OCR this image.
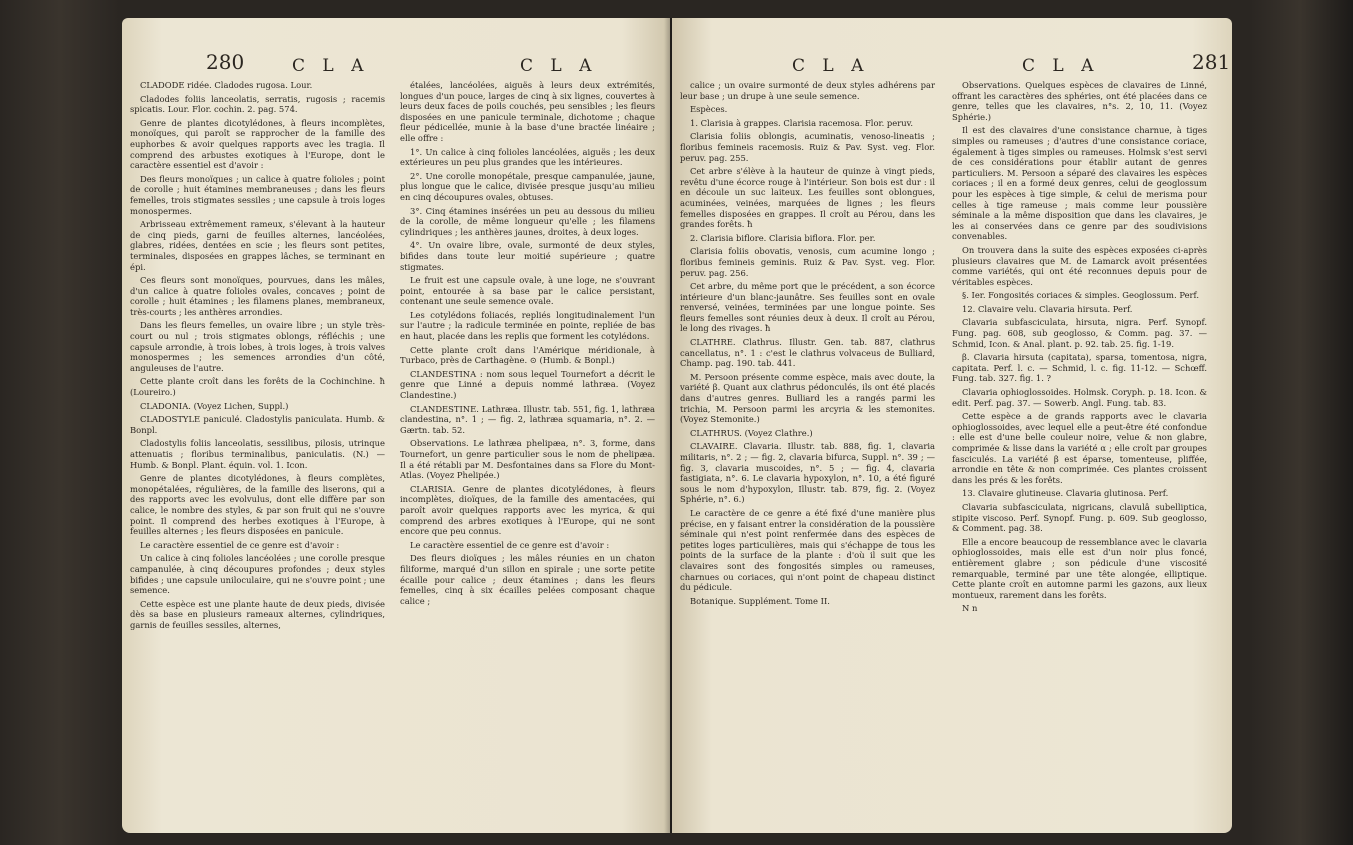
280	C L A	C L A

CLADODE ridée. Cladodes rugosa. Lour.

Cladodes foliis lanceolatis, serratis, rugosis ; racemis spicatis. Lour. Flor. cochin. 2. pag. 574.

Genre de plantes dicotylédones, à fleurs incomplètes, monoïques, qui paroît se rapprocher de la famille des euphorbes & avoir quelques rapports avec les tragia. Il comprend des arbustes exotiques à l'Europe, dont le caractère essentiel est d'avoir :

Des fleurs monoïques ; un calice à quatre folioles ; point de corolle ; huit étamines membraneuses ; dans les fleurs femelles, trois stigmates sessiles ; une capsule à trois loges monospermes.

Arbrisseau extrêmement rameux, s'élevant à la hauteur de cinq pieds, garni de feuilles alternes, lancéolées, glabres, ridées, dentées en scie ; les fleurs sont petites, terminales, disposées en grappes lâches, se terminant en épi.

Ces fleurs sont monoïques, pourvues, dans les mâles, d'un calice à quatre folioles ovales, concaves ; point de corolle ; huit étamines ; les filamens planes, membraneux, très-courts ; les anthères arrondies.

Dans les fleurs femelles, un ovaire libre ; un style très-court ou nul ; trois stigmates oblongs, réfléchis ; une capsule arrondie, à trois lobes, à trois loges, à trois valves monospermes ; les semences arrondies d'un côté, anguleuses de l'autre.

Cette plante croît dans les forêts de la Cochinchine. ħ (Loureiro.)

CLADONIA. (Voyez Lichen, Suppl.)

CLADOSTYLE paniculé. Cladostylis paniculata. Humb. & Bonpl.

Cladostylis foliis lanceolatis, sessilibus, pilosis, utrinque attenuatis ; floribus terminalibus, paniculatis. (N.) — Humb. & Bonpl. Plant. équin. vol. 1. Icon.

Genre de plantes dicotylédones, à fleurs complètes, monopétalées, régulières, de la famille des liserons, qui a des rapports avec les evolvulus, dont elle diffère par son calice, le nombre des styles, & par son fruit qui ne s'ouvre point. Il comprend des herbes exotiques à l'Europe, à feuilles alternes ; les fleurs disposées en panicule.

Le caractère essentiel de ce genre est d'avoir :

Un calice à cinq folioles lancéolées ; une corolle presque campanulée, à cinq découpures profondes ; deux styles bifides ; une capsule uniloculaire, qui ne s'ouvre point ; une semence.

Cette espèce est une plante haute de deux pieds, divisée dès sa base en plusieurs rameaux alternes, cylindriques, garnis de feuilles sessiles, alternes,

étalées, lancéolées, aiguës à leurs deux extrémités, longues d'un pouce, larges de cinq à six lignes, couvertes à leurs deux faces de poils couchés, peu sensibles ; les fleurs disposées en une panicule terminale, dichotome ; chaque fleur pédicellée, munie à la base d'une bractée linéaire ; elle offre :

1°. Un calice à cinq folioles lancéolées, aiguës ; les deux extérieures un peu plus grandes que les intérieures.

2°. Une corolle monopétale, presque campanulée, jaune, plus longue que le calice, divisée presque jusqu'au milieu en cinq découpures ovales, obtuses.

3°. Cinq étamines insérées un peu au dessous du milieu de la corolle, de même longueur qu'elle ; les filamens cylindriques ; les anthères jaunes, droites, à deux loges.

4°. Un ovaire libre, ovale, surmonté de deux styles, bifides dans toute leur moitié supérieure ; quatre stigmates.

Le fruit est une capsule ovale, à une loge, ne s'ouvrant point, entourée à sa base par le calice persistant, contenant une seule semence ovale.

Les cotylédons foliacés, repliés longitudinalement l'un sur l'autre ; la radicule terminée en pointe, repliée de bas en haut, placée dans les replis que forment les cotylédons.

Cette plante croît dans l'Amérique méridionale, à Turbaco, près de Carthagène. ⊙ (Humb. & Bonpl.)

CLANDESTINA : nom sous lequel Tournefort a décrit le genre que Linné a depuis nommé lathræa. (Voyez Clandestine.)

CLANDESTINE. Lathræa. Illustr. tab. 551, fig. 1, lathræa clandestina, n°. 1 ; — fig. 2, lathræa squamaria, n°. 2. — Gærtn. tab. 52.

Observations. Le lathræa phelipæa, n°. 3, forme, dans Tournefort, un genre particulier sous le nom de phelipæa. Il a été rétabli par M. Desfontaines dans sa Flore du Mont-Atlas. (Voyez Phelipée.)

CLARISIA. Genre de plantes dicotylédones, à fleurs incomplètes, dioïques, de la famille des amentacées, qui paroît avoir quelques rapports avec les myrica, & qui comprend des arbres exotiques à l'Europe, qui ne sont encore que peu connus.

Le caractère essentiel de ce genre est d'avoir :

Des fleurs dioïques ; les mâles réunies en un chaton filiforme, marqué d'un sillon en spirale ; une sorte petite écaille pour calice ; deux étamines ; dans les fleurs femelles, cinq à six écailles pelées composant chaque calice ;

C L A	C L A	281

calice ; un ovaire surmonté de deux styles adhérens par leur base ; un drupe à une seule semence.

Espèces.

1. Clarisia à grappes. Clarisia racemosa. Flor. peruv.

Clarisia foliis oblongis, acuminatis, venoso-lineatis ; floribus femineis racemosis. Ruiz & Pav. Syst. veg. Flor. peruv. pag. 255.

Cet arbre s'élève à la hauteur de quinze à vingt pieds, revêtu d'une écorce rouge à l'intérieur. Son bois est dur : il en découle un suc laiteux. Les feuilles sont oblongues, acuminées, veinées, marquées de lignes ; les fleurs femelles disposées en grappes. Il croît au Pérou, dans les grandes forêts. ħ

2. Clarisia biflore. Clarisia biflora. Flor. per.

Clarisia foliis obovatis, venosis, cum acumine longo ; floribus femineis geminis. Ruiz & Pav. Syst. veg. Flor. peruv. pag. 256.

Cet arbre, du même port que le précédent, a son écorce intérieure d'un blanc-jaunâtre. Ses feuilles sont en ovale renversé, veinées, terminées par une longue pointe. Ses fleurs femelles sont réunies deux à deux. Il croît au Pérou, le long des rivages. ħ

CLATHRE. Clathrus. Illustr. Gen. tab. 887, clathrus cancellatus, n°. 1 : c'est le clathrus volvaceus de Bulliard, Champ. pag. 190. tab. 441.

M. Persoon présente comme espèce, mais avec doute, la variété β. Quant aux clathrus pédonculés, ils ont été placés dans d'autres genres. Bulliard les a rangés parmi les trichia, M. Persoon parmi les arcyria & les stemonites. (Voyez Stemonite.)

CLATHRUS. (Voyez Clathre.)

CLAVAIRE. Clavaria. Illustr. tab. 888, fig. 1, clavaria militaris, n°. 2 ; — fig. 2, clavaria bifurca, Suppl. n°. 39 ; — fig. 3, clavaria muscoides, n°. 5 ; — fig. 4, clavaria fastigiata, n°. 6. Le clavaria hypoxylon, n°. 10, a été figuré sous le nom d'hypoxylon, Illustr. tab. 879, fig. 2. (Voyez Sphérie, n°. 6.)

Le caractère de ce genre a été fixé d'une manière plus précise, en y faisant entrer la considération de la poussière séminale qui n'est point renfermée dans des espèces de petites loges particulières, mais qui s'échappe de tous les points de la surface de la plante : d'où il suit que les clavaires sont des fongosités simples ou rameuses, charnues ou coriaces, qui n'ont point de chapeau distinct du pédicule.

Botanique. Supplément. Tome II.

Observations. Quelques espèces de clavaires de Linné, offrant les caractères des sphéries, ont été placées dans ce genre, telles que les clavaires, n°s. 2, 10, 11. (Voyez Sphérie.)

Il est des clavaires d'une consistance charnue, à tiges simples ou rameuses ; d'autres d'une consistance coriace, également à tiges simples ou rameuses. Holmsk s'est servi de ces considérations pour établir autant de genres particuliers. M. Persoon a séparé des clavaires les espèces coriaces ; il en a formé deux genres, celui de geoglossum pour les espèces à tige simple, & celui de merisma pour celles à tige rameuse ; mais comme leur poussière séminale a la même disposition que dans les clavaires, je les ai conservées dans ce genre par des soudivisions convenables.

On trouvera dans la suite des espèces exposées ci-après plusieurs clavaires que M. de Lamarck avoit présentées comme variétés, qui ont été reconnues depuis pour de véritables espèces.

§. Ier. Fongosités coriaces & simples. Geoglossum. Perf.

12. Clavaire velu. Clavaria hirsuta. Perf.

Clavaria subfasciculata, hirsuta, nigra. Perf. Synopf. Fung. pag. 608, sub geoglosso, & Comm. pag. 37. — Schmid, Icon. & Anal. plant. p. 92. tab. 25. fig. 1-19.

β. Clavaria hirsuta (capitata), sparsa, tomentosa, nigra, capitata. Perf. l. c. — Schmid, l. c. fig. 11-12. — Schœff. Fung. tab. 327. fig. 1. ?

Clavaria ophioglossoides. Holmsk. Coryph. p. 18. Icon. & edit. Perf. pag. 37. — Sowerb. Angl. Fung. tab. 83.

Cette espèce a de grands rapports avec le clavaria ophioglossoides, avec lequel elle a peut-être été confondue : elle est d'une belle couleur noire, velue & non glabre, comprimée & lisse dans la variété α ; elle croît par groupes fasciculés. La variété β est éparse, tomenteuse, pliffée, arrondie en tête & non comprimée. Ces plantes croissent dans les prés & les forêts.

13. Clavaire glutineuse. Clavaria glutinosa. Perf.

Clavaria subfasciculata, nigricans, clavulâ subelliptica, stipite viscoso. Perf. Synopf. Fung. p. 609. Sub geoglosso, & Comment. pag. 38.

Elle a encore beaucoup de ressemblance avec le clavaria ophioglossoides, mais elle est d'un noir plus foncé, entièrement glabre ; son pédicule d'une viscosité remarquable, terminé par une tête alongée, elliptique. Cette plante croît en automne parmi les gazons, aux lieux montueux, rarement dans les forêts.

N n
